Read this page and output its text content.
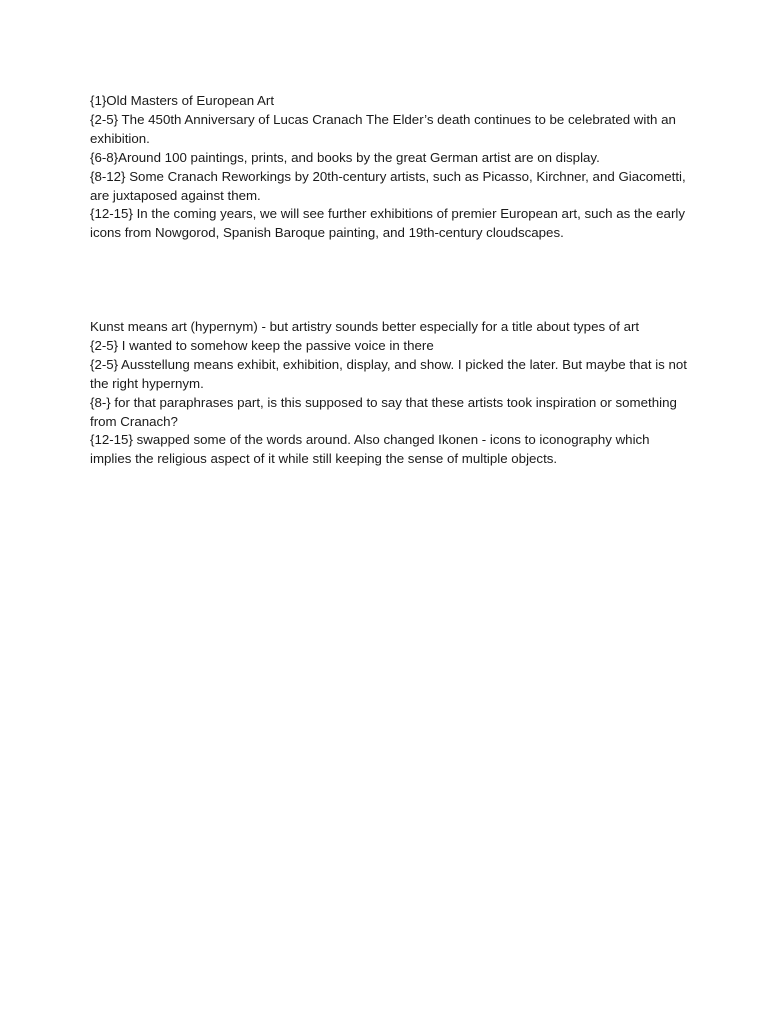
{1}Old Masters of European Art

{2-5} The 450th Anniversary of Lucas Cranach The Elder’s death continues to be celebrated with an exhibition.

{6-8}Around 100 paintings, prints, and books by the great German artist are on display.

{8-12} Some Cranach Reworkings by 20th-century artists, such as Picasso, Kirchner, and Giacometti, are juxtaposed against them.

{12-15} In the coming years, we will see further exhibitions of premier European art, such as the early icons from Nowgorod, Spanish Baroque painting, and 19th-century cloudscapes.

Kunst means art (hypernym) - but artistry sounds better especially for a title about types of art

{2-5} I wanted to somehow keep the passive voice in there

{2-5} Ausstellung means exhibit, exhibition, display, and show. I picked the later. But maybe that is not the right hypernym.

{8-} for that paraphrases part, is this supposed to say that these artists took inspiration or something from Cranach?

{12-15} swapped some of the words around. Also changed Ikonen - icons to iconography which implies the religious aspect of it while still keeping the sense of multiple objects.
